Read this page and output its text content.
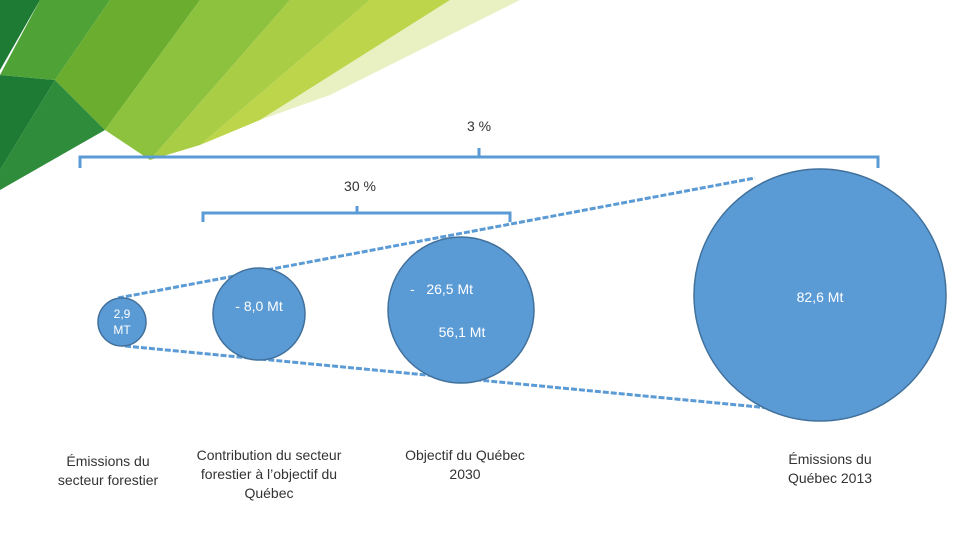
3 %
30 %
2,9 MT
- 8,0 Mt
-   26,5 Mt
56,1 Mt
82,6 Mt
Émissions du secteur forestier
Contribution du secteur forestier à l’objectif du Québec
Objectif du Québec 2030
Émissions du Québec 2013
